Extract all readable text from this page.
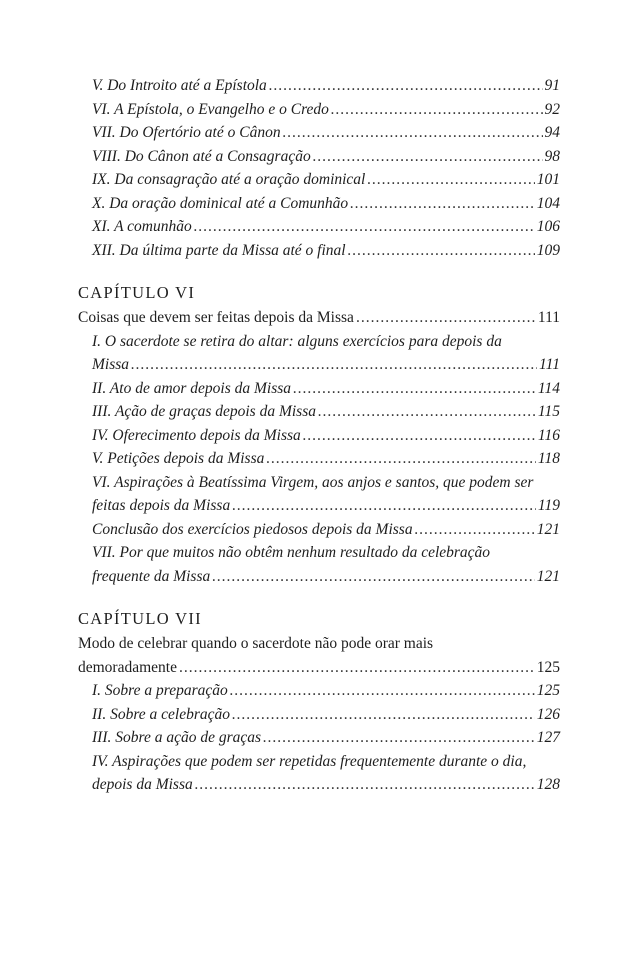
V. Do Introito até a Epístola .....	91
VI. A Epístola, o Evangelho e o Credo .....	92
VII. Do Ofertório até o Cânon .....	94
VIII. Do Cânon até a Consagração .....	98
IX. Da consagração até a oração dominical .....	101
X. Da oração dominical até a Comunhão .....	104
XI. A comunhão .....	106
XII. Da última parte da Missa até o final .....	109
CAPÍTULO VI
Coisas que devem ser feitas depois da Missa .....	111
I. O sacerdote se retira do altar: alguns exercícios para depois da
Missa .....	111
II. Ato de amor depois da Missa .....	114
III. Ação de graças depois da Missa .....	115
IV. Oferecimento depois da Missa .....	116
V. Petições depois da Missa .....	118
VI. Aspirações à Beatíssima Virgem, aos anjos e santos, que podem ser
feitas depois da Missa .....	119
Conclusão dos exercícios piedosos depois da Missa .....	121
VII. Por que muitos não obtêm nenhum resultado da celebração
frequente da Missa .....	121
CAPÍTULO VII
Modo de celebrar quando o sacerdote não pode orar mais
demoradamente .....	125
I. Sobre a preparação .....	125
II. Sobre a celebração .....	126
III. Sobre a ação de graças .....	127
IV. Aspirações que podem ser repetidas frequentemente durante o dia,
depois da Missa .....	128
